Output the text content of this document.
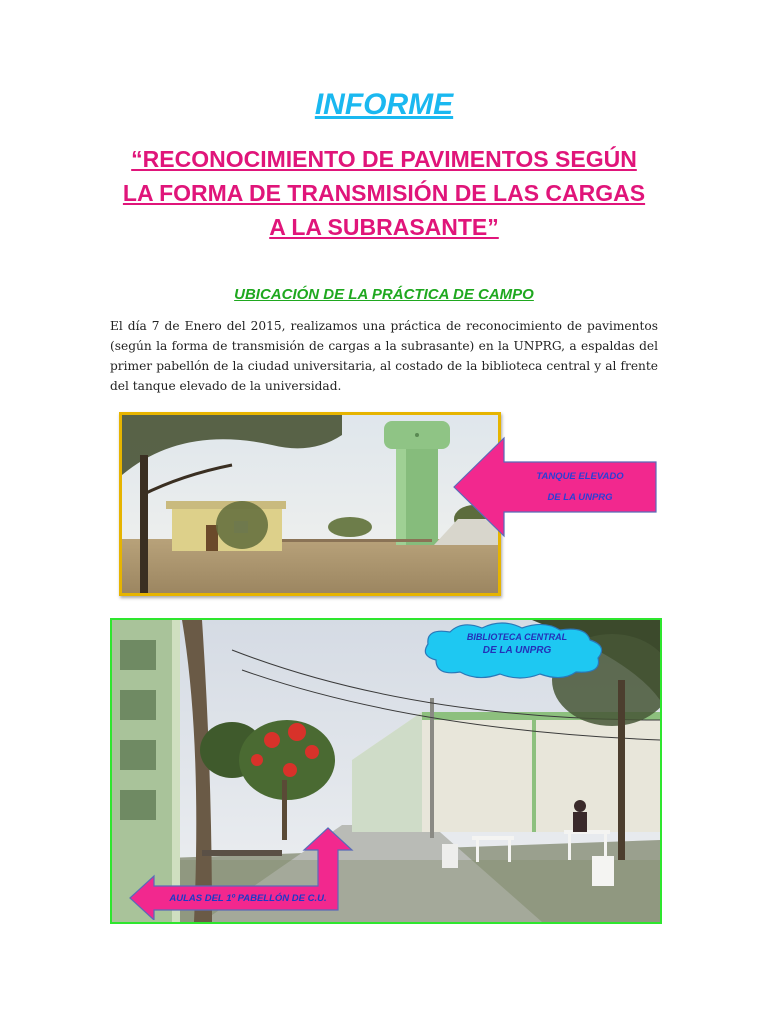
INFORME
“RECONOCIMIENTO DE PAVIMENTOS SEGÚN
LA FORMA DE TRANSMISIÓN DE LAS CARGAS
A LA SUBRASANTE”
UBICACIÓN DE LA PRÁCTICA DE CAMPO
El día 7 de Enero del 2015, realizamos una práctica de reconocimiento de pavimentos (según la forma de transmisión de cargas a la subrasante) en la UNPRG, a espaldas del primer pabellón de la ciudad universitaria, al costado de la biblioteca central y al frente del tanque elevado de la universidad.
TANQUE ELEVADO
DE LA UNPRG
BIBLIOTECA CENTRAL
DE LA UNPRG
AULAS DEL 1º PABELLÓN DE C.U.
